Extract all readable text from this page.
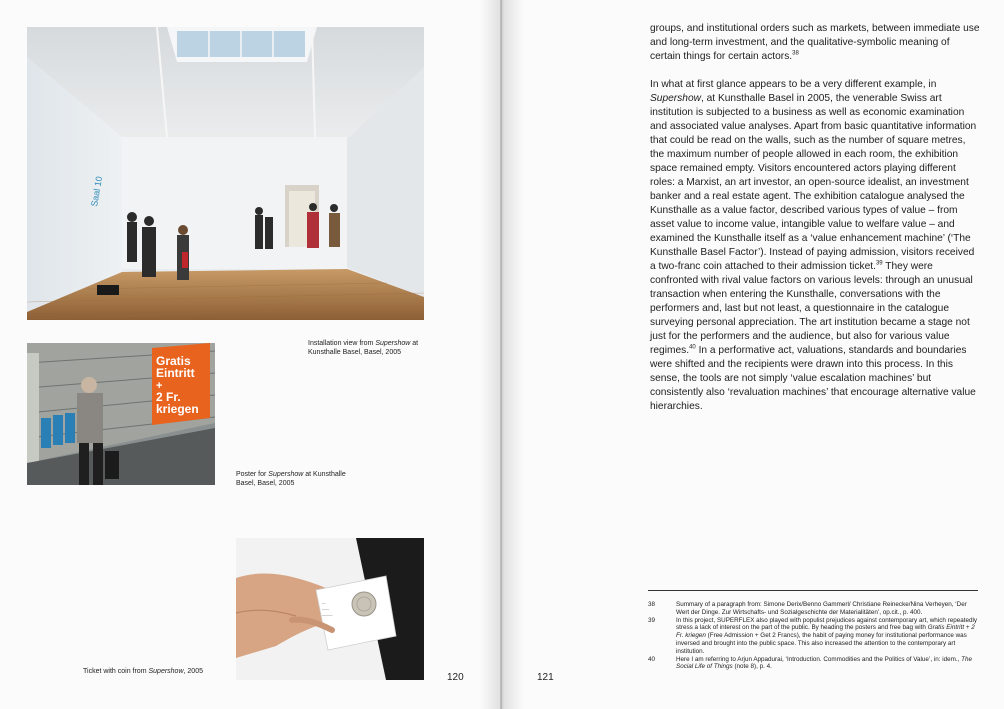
Saal 10
Installation view from Supershow at Kunsthalle Basel, Basel, 2005
Gratis
Eintritt
+
2 Fr.
kriegen
Poster for Supershow at Kunsthalle Basel, Basel, 2005
—
——
———
Ticket with coin from Supershow, 2005
120

groups, and institutional orders such as markets, between immediate use and long-term investment, and the qualitative-symbolic meaning of certain things for certain actors.$^{38}$

In what at first glance appears to be a very different example, in Supershow, at Kunsthalle Basel in 2005, the venerable Swiss art institution is subjected to a business as well as economic examination and associated value analyses. Apart from basic quantitative information that could be read on the walls, such as the number of square metres, the maximum number of people allowed in each room, the exhibition space remained empty. Visitors encountered actors playing different roles: a Marxist, an art investor, an open-source idealist, an investment banker and a real estate agent. The exhibition catalogue analysed the Kunsthalle as a value factor, described various types of value – from asset value to income value, intangible value to welfare value – and examined the Kunsthalle itself as a ‘value enhancement machine’ (‘The Kunsthalle Basel Factor’). Instead of paying admission, visitors received a two-franc coin attached to their admission ticket.$^{39}$ They were confronted with rival value factors on various levels: through an unusual transaction when entering the Kunsthalle, conversations with the performers and, last but not least, a questionnaire in the catalogue surveying personal appreciation. The art institution became a stage not just for the performers and the audience, but also for various value regimes.$^{40}$ In a performative act, valuations, standards and boundaries were shifted and the recipients were drawn into this process. In this sense, the tools are not simply ‘value escalation machines’ but consistently also ‘revaluation machines’ that encourage alternative value hierarchies.

38	Summary of a paragraph from: Simone Derix/Benno Gammerl/ Christiane Reinecke/Nina Verheyen, ‘Der Wert der Dinge. Zur Wirtschafts- und Sozialgeschichte der Materialitäten’, op.cit., p. 400.
39	In this project, SUPERFLEX also played with populist prejudices against contemporary art, which repeatedly stress a lack of interest on the part of the public. By heading the posters and free bag with Gratis Eintritt + 2 Fr. kriegen (Free Admission + Get 2 Francs), the habit of paying money for institutional performance was inversed and brought into the public space. This also increased the attention to the contemporary art institution.
40	Here I am referring to Arjun Appadurai, ‘Introduction. Commodities and the Politics of Value’, in: idem., The Social Life of Things (note 8), p. 4.
121
